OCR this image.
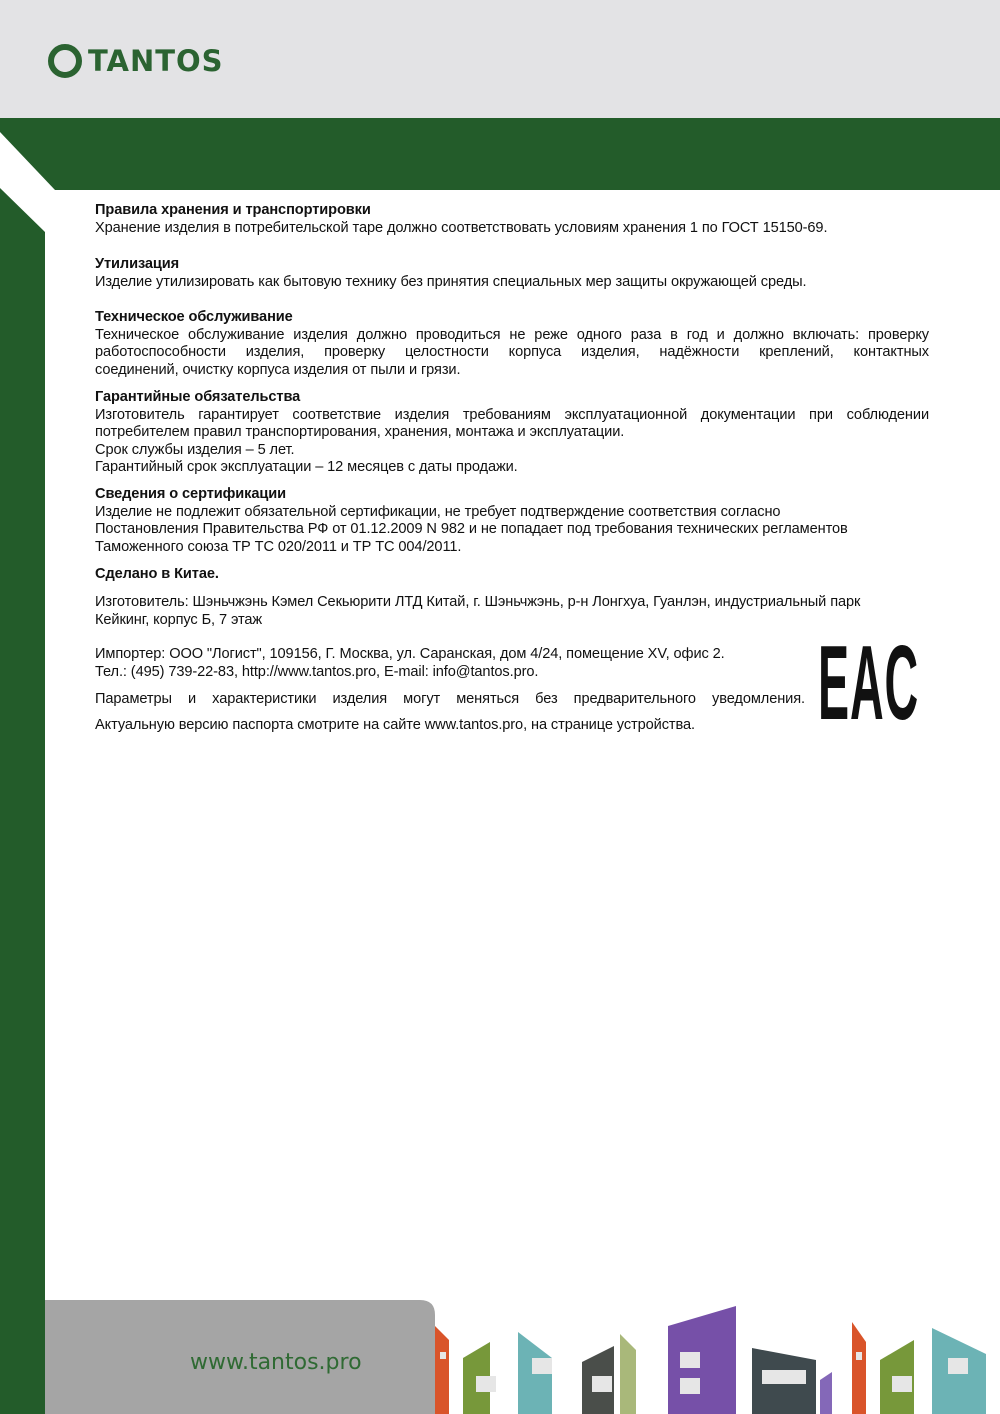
TANTOS
Правила хранения и транспортировки
Хранение изделия в потребительской таре должно соответствовать условиям хранения 1 по ГОСТ 15150-69.
Утилизация
Изделие утилизировать как бытовую технику без принятия специальных мер защиты окружающей среды.
Техническое обслуживание
Техническое обслуживание изделия должно проводиться не реже одного раза в год и должно включать: проверку
работоспособности изделия, проверку целостности корпуса изделия, надёжности креплений, контактных
соединений, очистку корпуса изделия от пыли и грязи.
Гарантийные обязательства
Изготовитель гарантирует соответствие изделия требованиям эксплуатационной документации при соблюдении
потребителем правил транспортирования, хранения, монтажа и эксплуатации.
Срок службы изделия – 5 лет.
Гарантийный срок эксплуатации – 12 месяцев с даты продажи.
Сведения о сертификации
Изделие не подлежит обязательной сертификации, не требует подтверждение соответствия согласно
Постановления Правительства РФ от 01.12.2009 N 982 и не попадает под требования технических регламентов
Таможенного союза ТР ТС 020/2011 и ТР ТС 004/2011.
Сделано в Китае.
Изготовитель: Шэньчжэнь Кэмел Секьюрити ЛТД Китай, г. Шэньчжэнь, р-н Лонгхуа, Гуанлэн, индустриальный парк
Кейкинг, корпус Б, 7 этаж
Импортер: ООО "Логист", 109156, Г. Москва, ул. Саранская, дом 4/24, помещение XV, офис 2.
Тел.: (495) 739-22-83, http://www.tantos.pro, E-mail: info@tantos.pro.
Параметры и характеристики изделия могут меняться без предварительного уведомления.
Актуальную версию паспорта смотрите на сайте www.tantos.pro, на странице устройства.	EAC
www.tantos.pro
